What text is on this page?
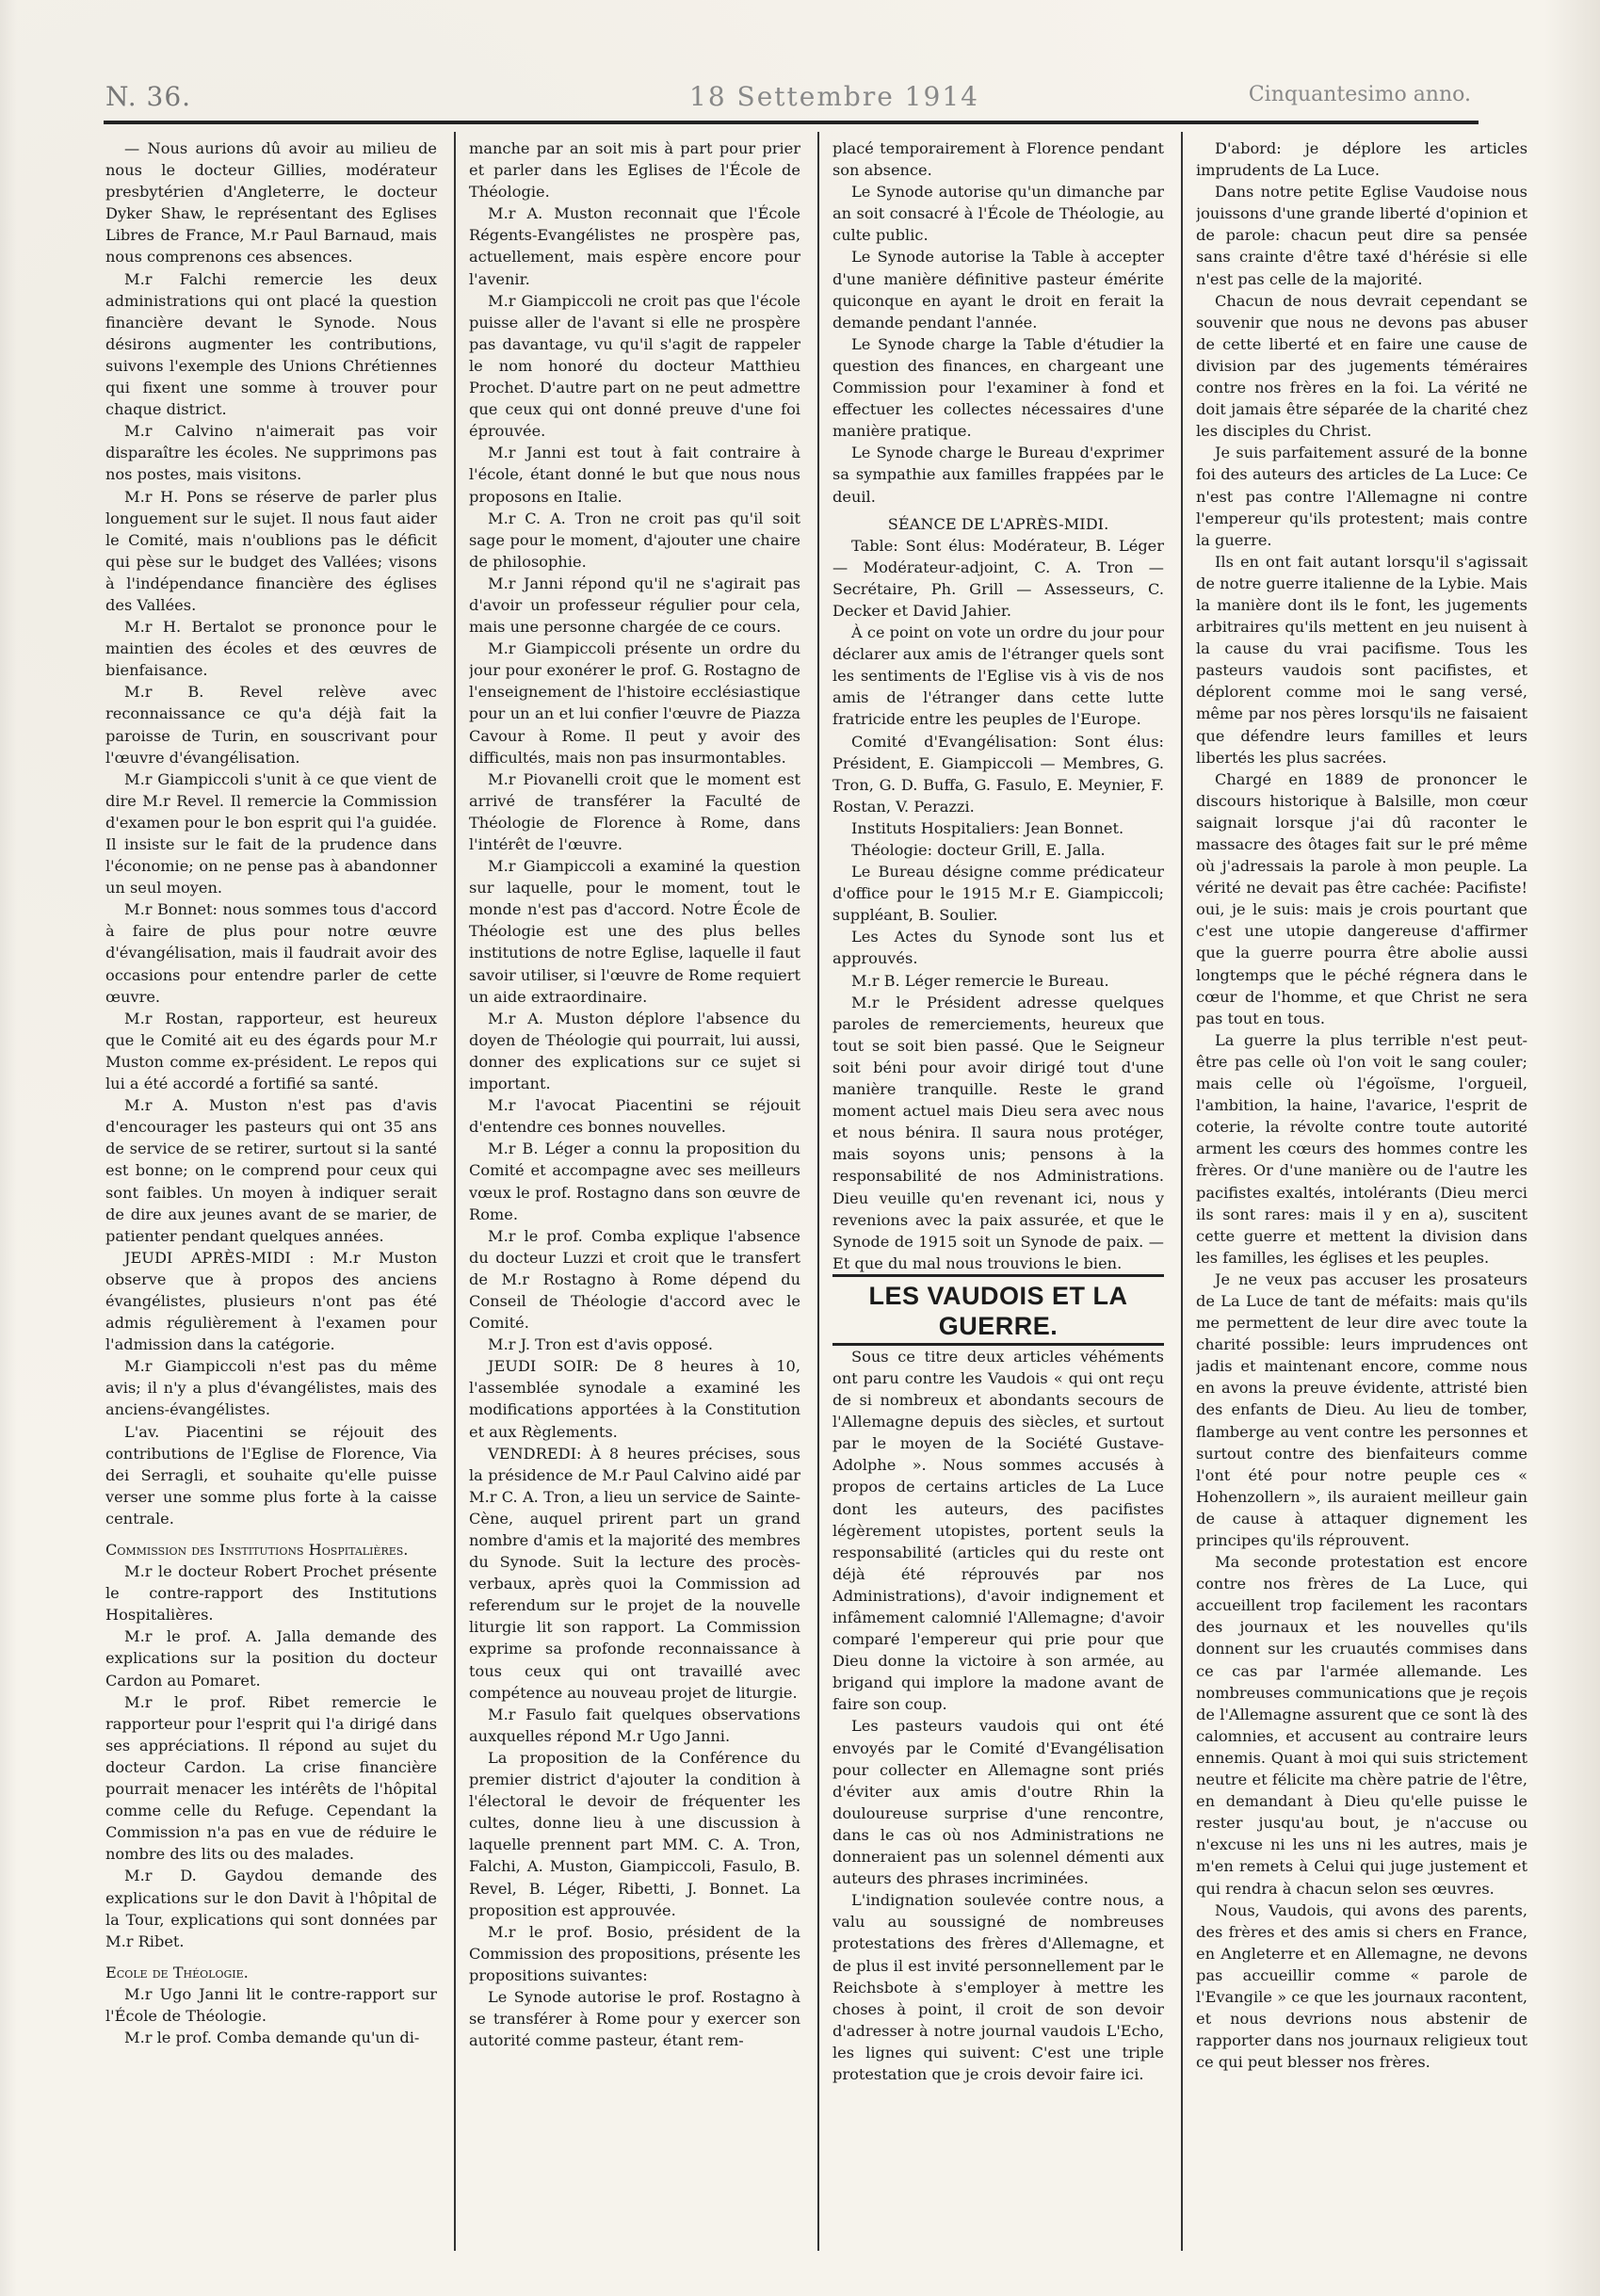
N. 36.	18 Settembre 1914	Cinquantesimo anno.

— Nous aurions dû avoir au milieu de nous le docteur Gillies, modérateur presbytérien d'Angleterre, le docteur Dyker Shaw, le représentant des Eglises Libres de France, M.r Paul Barnaud, mais nous comprenons ces absences.

M.r Falchi remercie les deux administrations qui ont placé la question financière devant le Synode. Nous désirons augmenter les contributions, suivons l'exemple des Unions Chrétiennes qui fixent une somme à trouver pour chaque district.

M.r Calvino n'aimerait pas voir disparaître les écoles. Ne supprimons pas nos postes, mais visitons.

M.r H. Pons se réserve de parler plus longuement sur le sujet. Il nous faut aider le Comité, mais n'oublions pas le déficit qui pèse sur le budget des Vallées; visons à l'indépendance financière des églises des Vallées.

M.r H. Bertalot se prononce pour le maintien des écoles et des œuvres de bienfaisance.

M.r B. Revel relève avec reconnaissance ce qu'a déjà fait la paroisse de Turin, en souscrivant pour l'œuvre d'évangélisation.

M.r Giampiccoli s'unit à ce que vient de dire M.r Revel. Il remercie la Commission d'examen pour le bon esprit qui l'a guidée. Il insiste sur le fait de la prudence dans l'économie; on ne pense pas à abandonner un seul moyen.

M.r Bonnet: nous sommes tous d'accord à faire de plus pour notre œuvre d'évangélisation, mais il faudrait avoir des occasions pour entendre parler de cette œuvre.

M.r Rostan, rapporteur, est heureux que le Comité ait eu des égards pour M.r Muston comme ex-président. Le repos qui lui a été accordé a fortifié sa santé.

M.r A. Muston n'est pas d'avis d'encourager les pasteurs qui ont 35 ans de service de se retirer, surtout si la santé est bonne; on le comprend pour ceux qui sont faibles. Un moyen à indiquer serait de dire aux jeunes avant de se marier, de patienter pendant quelques années.

JEUDI APRÈS-MIDI : M.r Muston observe que à propos des anciens évangélistes, plusieurs n'ont pas été admis régulièrement à l'examen pour l'admission dans la catégorie.

M.r Giampiccoli n'est pas du même avis; il n'y a plus d'évangélistes, mais des anciens-évangélistes.

L'av. Piacentini se réjouit des contributions de l'Eglise de Florence, Via dei Serragli, et souhaite qu'elle puisse verser une somme plus forte à la caisse centrale.

Commission des Institutions Hospitalières.

M.r le docteur Robert Prochet présente le contre-rapport des Institutions Hospitalières.

M.r le prof. A. Jalla demande des explications sur la position du docteur Cardon au Pomaret.

M.r le prof. Ribet remercie le rapporteur pour l'esprit qui l'a dirigé dans ses appréciations. Il répond au sujet du docteur Cardon. La crise financière pourrait menacer les intérêts de l'hôpital comme celle du Refuge. Cependant la Commission n'a pas en vue de réduire le nombre des lits ou des malades.

M.r D. Gaydou demande des explications sur le don Davit à l'hôpital de la Tour, explications qui sont données par M.r Ribet.

Ecole de Théologie.

M.r Ugo Janni lit le contre-rapport sur l'École de Théologie.

M.r le prof. Comba demande qu'un di-

manche par an soit mis à part pour prier et parler dans les Eglises de l'École de Théologie.

M.r A. Muston reconnait que l'École Régents-Evangélistes ne prospère pas, actuellement, mais espère encore pour l'avenir.

M.r Giampiccoli ne croit pas que l'école puisse aller de l'avant si elle ne prospère pas davantage, vu qu'il s'agit de rappeler le nom honoré du docteur Matthieu Prochet. D'autre part on ne peut admettre que ceux qui ont donné preuve d'une foi éprouvée.

M.r Janni est tout à fait contraire à l'école, étant donné le but que nous nous proposons en Italie.

M.r C. A. Tron ne croit pas qu'il soit sage pour le moment, d'ajouter une chaire de philosophie.

M.r Janni répond qu'il ne s'agirait pas d'avoir un professeur régulier pour cela, mais une personne chargée de ce cours.

M.r Giampiccoli présente un ordre du jour pour exonérer le prof. G. Rostagno de l'enseignement de l'histoire ecclésiastique pour un an et lui confier l'œuvre de Piazza Cavour à Rome. Il peut y avoir des difficultés, mais non pas insurmontables.

M.r Piovanelli croit que le moment est arrivé de transférer la Faculté de Théologie de Florence à Rome, dans l'intérêt de l'œuvre.

M.r Giampiccoli a examiné la question sur laquelle, pour le moment, tout le monde n'est pas d'accord. Notre École de Théologie est une des plus belles institutions de notre Eglise, laquelle il faut savoir utiliser, si l'œuvre de Rome requiert un aide extraordinaire.

M.r A. Muston déplore l'absence du doyen de Théologie qui pourrait, lui aussi, donner des explications sur ce sujet si important.

M.r l'avocat Piacentini se réjouit d'entendre ces bonnes nouvelles.

M.r B. Léger a connu la proposition du Comité et accompagne avec ses meilleurs vœux le prof. Rostagno dans son œuvre de Rome.

M.r le prof. Comba explique l'absence du docteur Luzzi et croit que le transfert de M.r Rostagno à Rome dépend du Conseil de Théologie d'accord avec le Comité.

M.r J. Tron est d'avis opposé.

JEUDI SOIR: De 8 heures à 10, l'assemblée synodale a examiné les modifications apportées à la Constitution et aux Règlements.

VENDREDI: À 8 heures précises, sous la présidence de M.r Paul Calvino aidé par M.r C. A. Tron, a lieu un service de Sainte-Cène, auquel prirent part un grand nombre d'amis et la majorité des membres du Synode. Suit la lecture des procès-verbaux, après quoi la Commission ad referendum sur le projet de la nouvelle liturgie lit son rapport. La Commission exprime sa profonde reconnaissance à tous ceux qui ont travaillé avec compétence au nouveau projet de liturgie.

M.r Fasulo fait quelques observations auxquelles répond M.r Ugo Janni.

La proposition de la Conférence du premier district d'ajouter la condition à l'électoral le devoir de fréquenter les cultes, donne lieu à une discussion à laquelle prennent part MM. C. A. Tron, Falchi, A. Muston, Giampiccoli, Fasulo, B. Revel, B. Léger, Ribetti, J. Bonnet. La proposition est approuvée.

M.r le prof. Bosio, président de la Commission des propositions, présente les propositions suivantes:

Le Synode autorise le prof. Rostagno à se transférer à Rome pour y exercer son autorité comme pasteur, étant rem-

placé temporairement à Florence pendant son absence.

Le Synode autorise qu'un dimanche par an soit consacré à l'École de Théologie, au culte public.

Le Synode autorise la Table à accepter d'une manière définitive pasteur émérite quiconque en ayant le droit en ferait la demande pendant l'année.

Le Synode charge la Table d'étudier la question des finances, en chargeant une Commission pour l'examiner à fond et effectuer les collectes nécessaires d'une manière pratique.

Le Synode charge le Bureau d'exprimer sa sympathie aux familles frappées par le deuil.

SÉANCE DE L'APRÈS-MIDI.

Table: Sont élus: Modérateur, B. Léger — Modérateur-adjoint, C. A. Tron — Secrétaire, Ph. Grill — Assesseurs, C. Decker et David Jahier.

À ce point on vote un ordre du jour pour déclarer aux amis de l'étranger quels sont les sentiments de l'Eglise vis à vis de nos amis de l'étranger dans cette lutte fratricide entre les peuples de l'Europe.

Comité d'Evangélisation: Sont élus: Président, E. Giampiccoli — Membres, G. Tron, G. D. Buffa, G. Fasulo, E. Meynier, F. Rostan, V. Perazzi.

Instituts Hospitaliers: Jean Bonnet.

Théologie: docteur Grill, E. Jalla.

Le Bureau désigne comme prédicateur d'office pour le 1915 M.r E. Giampiccoli; suppléant, B. Soulier.

Les Actes du Synode sont lus et approuvés.

M.r B. Léger remercie le Bureau.

M.r le Président adresse quelques paroles de remerciements, heureux que tout se soit bien passé. Que le Seigneur soit béni pour avoir dirigé tout d'une manière tranquille. Reste le grand moment actuel mais Dieu sera avec nous et nous bénira. Il saura nous protéger, mais soyons unis; pensons à la responsabilité de nos Administrations. Dieu veuille qu'en revenant ici, nous y revenions avec la paix assurée, et que le Synode de 1915 soit un Synode de paix. — Et que du mal nous trouvions le bien.

LES VAUDOIS ET LA GUERRE.

Sous ce titre deux articles véhéments ont paru contre les Vaudois « qui ont reçu de si nombreux et abondants secours de l'Allemagne depuis des siècles, et surtout par le moyen de la Société Gustave-Adolphe ». Nous sommes accusés à propos de certains articles de La Luce dont les auteurs, des pacifistes légèrement utopistes, portent seuls la responsabilité (articles qui du reste ont déjà été réprouvés par nos Administrations), d'avoir indignement et infâmement calomnié l'Allemagne; d'avoir comparé l'empereur qui prie pour que Dieu donne la victoire à son armée, au brigand qui implore la madone avant de faire son coup.

Les pasteurs vaudois qui ont été envoyés par le Comité d'Evangélisation pour collecter en Allemagne sont priés d'éviter aux amis d'outre Rhin la douloureuse surprise d'une rencontre, dans le cas où nos Administrations ne donneraient pas un solennel démenti aux auteurs des phrases incriminées.

L'indignation soulevée contre nous, a valu au soussigné de nombreuses protestations des frères d'Allemagne, et de plus il est invité personnellement par le Reichsbote à s'employer à mettre les choses à point, il croit de son devoir d'adresser à notre journal vaudois L'Echo, les lignes qui suivent: C'est une triple protestation que je crois devoir faire ici.

D'abord: je déplore les articles imprudents de La Luce.

Dans notre petite Eglise Vaudoise nous jouissons d'une grande liberté d'opinion et de parole: chacun peut dire sa pensée sans crainte d'être taxé d'hérésie si elle n'est pas celle de la majorité.

Chacun de nous devrait cependant se souvenir que nous ne devons pas abuser de cette liberté et en faire une cause de division par des jugements téméraires contre nos frères en la foi. La vérité ne doit jamais être séparée de la charité chez les disciples du Christ.

Je suis parfaitement assuré de la bonne foi des auteurs des articles de La Luce: Ce n'est pas contre l'Allemagne ni contre l'empereur qu'ils protestent; mais contre la guerre.

Ils en ont fait autant lorsqu'il s'agissait de notre guerre italienne de la Lybie. Mais la manière dont ils le font, les jugements arbitraires qu'ils mettent en jeu nuisent à la cause du vrai pacifisme. Tous les pasteurs vaudois sont pacifistes, et déplorent comme moi le sang versé, même par nos pères lorsqu'ils ne faisaient que défendre leurs familles et leurs libertés les plus sacrées.

Chargé en 1889 de prononcer le discours historique à Balsille, mon cœur saignait lorsque j'ai dû raconter le massacre des ôtages fait sur le pré même où j'adressais la parole à mon peuple. La vérité ne devait pas être cachée: Pacifiste! oui, je le suis: mais je crois pourtant que c'est une utopie dangereuse d'affirmer que la guerre pourra être abolie aussi longtemps que le péché régnera dans le cœur de l'homme, et que Christ ne sera pas tout en tous.

La guerre la plus terrible n'est peut-être pas celle où l'on voit le sang couler; mais celle où l'égoïsme, l'orgueil, l'ambition, la haine, l'avarice, l'esprit de coterie, la révolte contre toute autorité arment les cœurs des hommes contre les frères. Or d'une manière ou de l'autre les pacifistes exaltés, intolérants (Dieu merci ils sont rares: mais il y en a), suscitent cette guerre et mettent la division dans les familles, les églises et les peuples.

Je ne veux pas accuser les prosateurs de La Luce de tant de méfaits: mais qu'ils me permettent de leur dire avec toute la charité possible: leurs imprudences ont jadis et maintenant encore, comme nous en avons la preuve évidente, attristé bien des enfants de Dieu. Au lieu de tomber, flamberge au vent contre les personnes et surtout contre des bienfaiteurs comme l'ont été pour notre peuple ces « Hohenzollern », ils auraient meilleur gain de cause à attaquer dignement les principes qu'ils réprouvent.

Ma seconde protestation est encore contre nos frères de La Luce, qui accueillent trop facilement les racontars des journaux et les nouvelles qu'ils donnent sur les cruautés commises dans ce cas par l'armée allemande. Les nombreuses communications que je reçois de l'Allemagne assurent que ce sont là des calomnies, et accusent au contraire leurs ennemis. Quant à moi qui suis strictement neutre et félicite ma chère patrie de l'être, en demandant à Dieu qu'elle puisse le rester jusqu'au bout, je n'accuse ou n'excuse ni les uns ni les autres, mais je m'en remets à Celui qui juge justement et qui rendra à chacun selon ses œuvres.

Nous, Vaudois, qui avons des parents, des frères et des amis si chers en France, en Angleterre et en Allemagne, ne devons pas accueillir comme « parole de l'Evangile » ce que les journaux racontent, et nous devrions nous abstenir de rapporter dans nos journaux religieux tout ce qui peut blesser nos frères.
